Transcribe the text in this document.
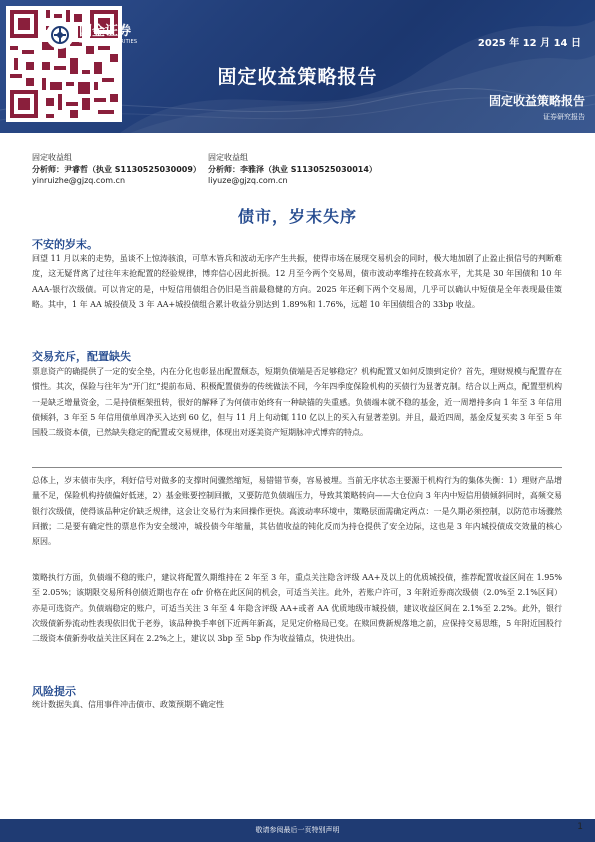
国金证券
SINOLINK SECURITIES	2025 年 12 月 14 日
固定收益策略报告
固定收益策略报告
证券研究报告
固定收益组
分析师：尹睿哲（执业 S1130525030009）
yinruizhe@gjzq.com.cn
固定收益组
分析师：李雅泽（执业 S1130525030014）
liyuze@gjzq.com.cn
债市，岁末失序
不安的岁末。
回望 11 月以来的走势，虽谈不上惊涛骇浪，可草木皆兵和波动无序产生共振，使得市场在展现交易机会的同时，极大地加剧了止盈止损信号的判断难度，这无疑背离了过往年末抢配置的经验规律，博弈信心因此折损。12 月至今两个交易周，债市波动率维持在较高水平，尤其是 30 年国债和 10 年 AAA-银行次级债。可以肯定的是，中短信用债组合仍旧是当前最稳健的方向。2025 年还剩下两个交易周，几乎可以确认中短债是全年表现最佳策略。其中，1 年 AA 城投债及 3 年 AA+城投债组合累计收益分别达到 1.89%和 1.76%，远超 10 年国债组合的 33bp 收益。
交易充斥，配置缺失
票息资产的确提供了一定的安全垫，内在分化也彰显出配置颓态，短期负债端是否足够稳定？机构配置又如何反馈到定价？首先，理财规模与配置存在惯性。其次，保险与往年为“开门红”提前布局、积极配置债券的传统做法不同，今年四季度保险机构的买债行为显著克制。结合以上两点，配置型机构一是缺乏增量资金，二是持债框架扭转，很好的解释了为何债市始终有一种缺锚的失重感。负债端本就不稳的基金，近一周增持多向 1 年至 3 年信用债倾斜，3 年至 5 年信用债单周净买入达到 60 亿，但与 11 月上旬动辄 110 亿以上的买入有显著差别。并且，最近四周，基金反复买卖 3 年至 5 年国股二级资本债，已然缺失稳定的配置或交易规律，体现出对逐美资产短期脉冲式博弈的特点。
总体上，岁末债市失序，利好信号对做多的支撑时间骤然缩短，易错错节奏，容易被埋。当前无序状态主要源于机构行为的集体失衡：1）理财产品增量不足，保险机构持债偏好低迷，2）基金账要控制回撤，又要防范负债端压力，导致其策略转向——大仓位向 3 年内中短信用债倾斜同时，高频交易银行次级债，使得该品种定价缺乏规律，这会让交易行为来回操作更快。高波动率环境中，策略层面需确定两点：一是久期必须控制，以防范市场骤然回撤；二是要有确定性的票息作为安全缓冲，城投债今年缩量，其估值收益的钝化反而为持仓提供了安全边际，这也是 3 年内城投债成交效量的核心原因。
策略执行方面，负债端不稳的账户，建议将配置久期维持在 2 年至 3 年，重点关注隐含评级 AA+及以上的优质城投债，推荐配置收益区间在 1.95%至 2.05%；该期限交易所科创债近期也存在 ofr 价格在此区间的机会，可适当关注。此外，若账户许可，3 年附近券商次级债（2.0%至 2.1%区间）亦是可选资产。负债端稳定的账户，可适当关注 3 年至 4 年隐含评级 AA+或者 AA 优质地级市城投债，建议收益区间在 2.1%至 2.2%。此外，银行次级债新券流动性表现依旧优于老券，该品种换手率创下近两年新高，足见定价格局已变。在赎回费新规落地之前，应保持交易思维，5 年附近国股行二级资本债新券收益关注区间在 2.2%之上，建议以 3bp 至 5bp 作为收益锚点，快进快出。
风险提示
统计数据失真、信用事件冲击债市、政策预期不确定性
敬请参阅最后一页特别声明	1
